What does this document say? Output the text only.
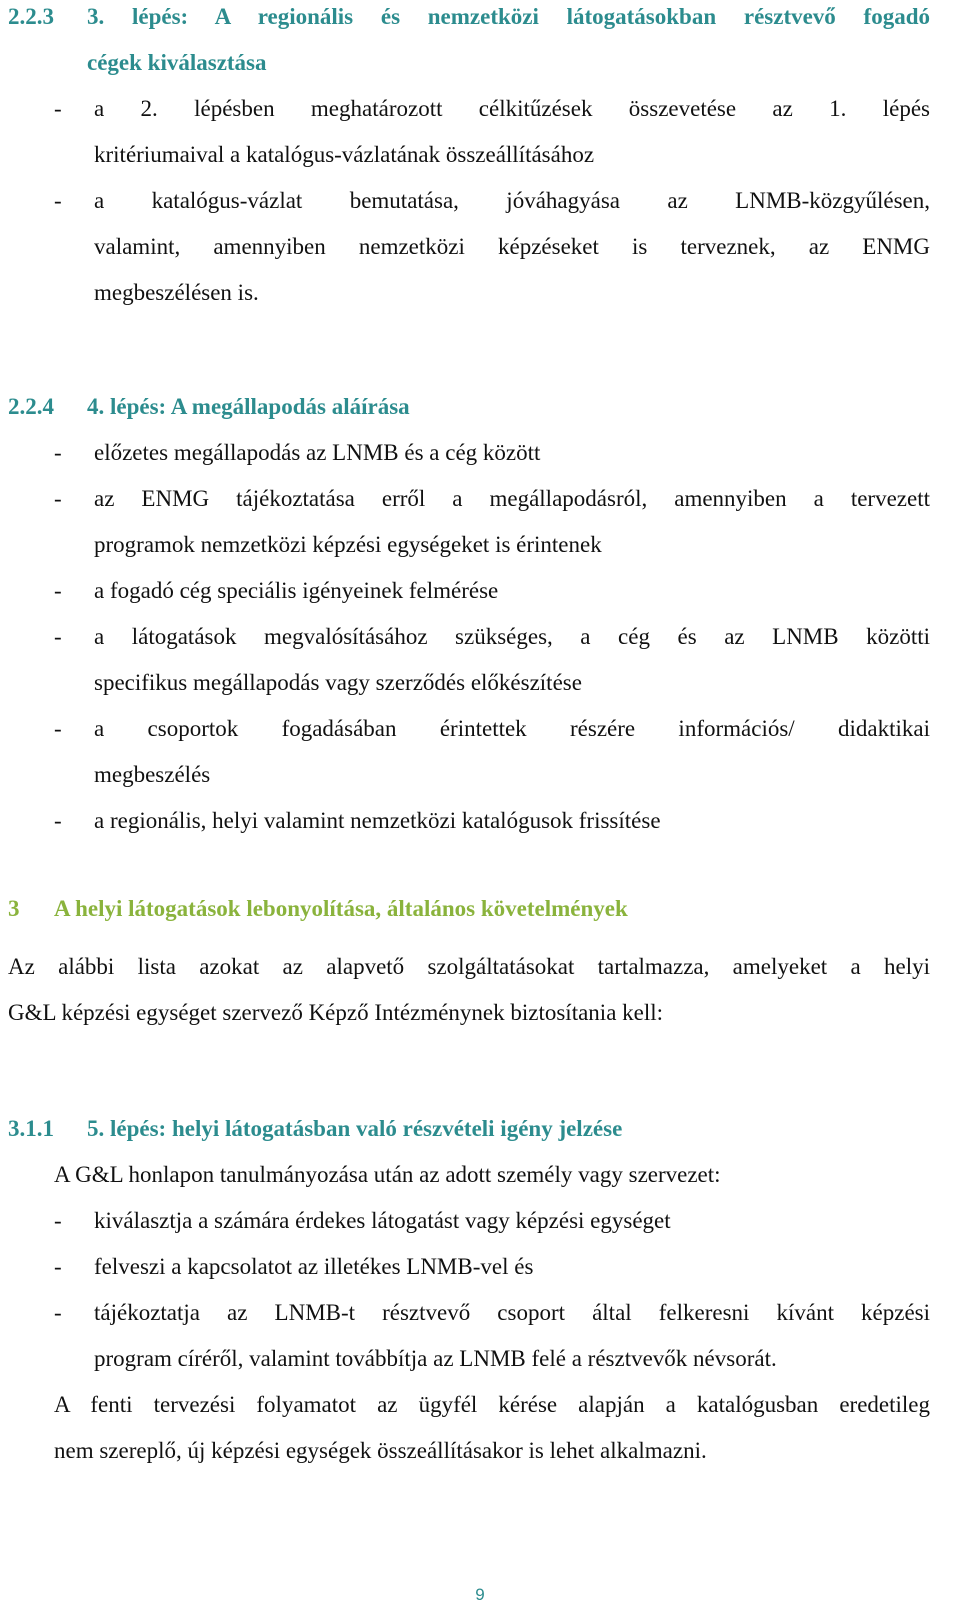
2.2.3 3. lépés: A regionális és nemzetközi látogatásokban résztvevő fogadó
cégek kiválasztása
- a 2. lépésben meghatározott célkitűzések összevetése az 1. lépés
kritériumaival a katalógus-vázlatának összeállításához
- a katalógus-vázlat bemutatása, jóváhagyása az LNMB-közgyűlésen,
valamint, amennyiben nemzetközi képzéseket is terveznek, az ENMG
megbeszélésen is.
2.2.4 4. lépés: A megállapodás aláírása
- előzetes megállapodás az LNMB és a cég között
- az ENMG tájékoztatása erről a megállapodásról, amennyiben a tervezett
programok nemzetközi képzési egységeket is érintenek
- a fogadó cég speciális igényeinek felmérése
- a látogatások megvalósításához szükséges, a cég és az LNMB közötti
specifikus megállapodás vagy szerződés előkészítése
- a csoportok fogadásában érintettek részére információs/ didaktikai
megbeszélés
- a regionális, helyi valamint nemzetközi katalógusok frissítése
3 A helyi látogatások lebonyolítása, általános követelmények
Az alábbi lista azokat az alapvető szolgáltatásokat tartalmazza, amelyeket a helyi
G&L képzési egységet szervező Képző Intézménynek biztosítania kell:
3.1.1 5. lépés: helyi látogatásban való részvételi igény jelzése
A G&L honlapon tanulmányozása után az adott személy vagy szervezet:
- kiválasztja a számára érdekes látogatást vagy képzési egységet
- felveszi a kapcsolatot az illetékes LNMB-vel és
- tájékoztatja az LNMB-t résztvevő csoport által felkeresni kívánt képzési
program círéről, valamint továbbítja az LNMB felé a résztvevők névsorát.
A fenti tervezési folyamatot az ügyfél kérése alapján a katalógusban eredetileg
nem szereplő, új képzési egységek összeállításakor is lehet alkalmazni.
9
